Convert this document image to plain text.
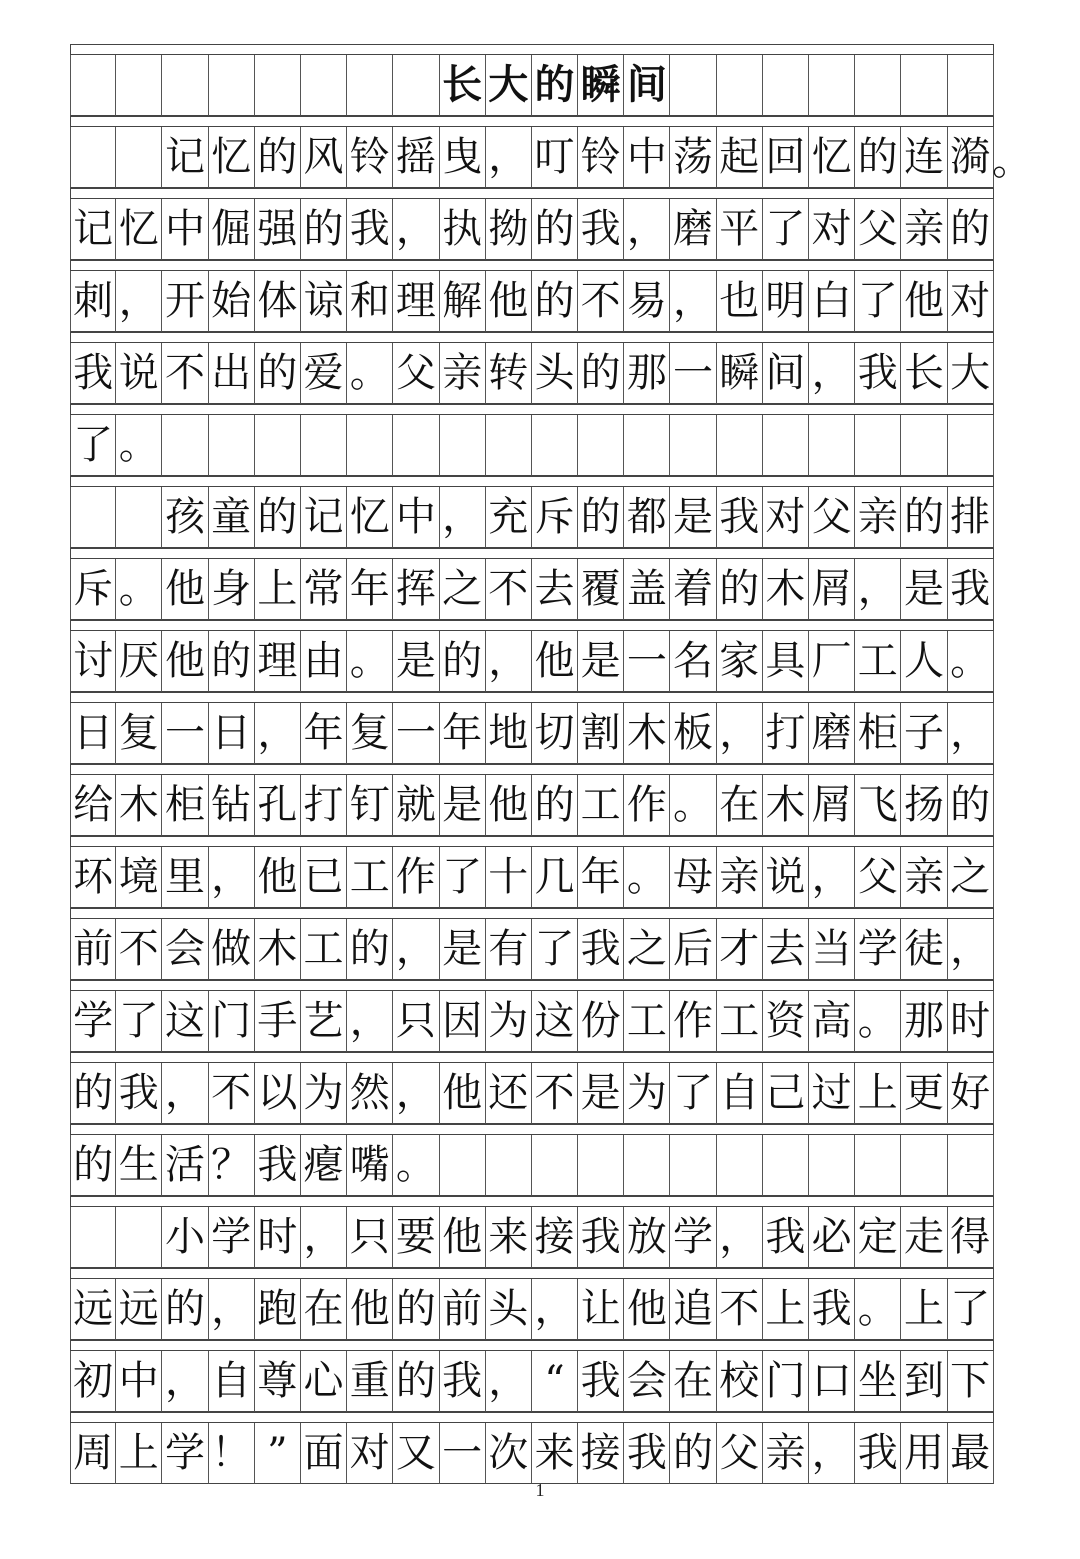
长 大 的 瞬 间
记 忆 的 风 铃 摇 曳 ， 叮 铃 中 荡 起 回 忆 的 连 漪 。
记 忆 中 倔 强 的 我 ， 执 拗 的 我 ， 磨 平 了 对 父 亲 的
刺 ， 开 始 体 谅 和 理 解 他 的 不 易 ， 也 明 白 了 他 对
我 说 不 出 的 爱 。 父 亲 转 头 的 那 一 瞬 间 ， 我 长 大
了 。
孩 童 的 记 忆 中 ， 充 斥 的 都 是 我 对 父 亲 的 排
斥 。 他 身 上 常 年 挥 之 不 去 覆 盖 着 的 木 屑 ， 是 我
讨 厌 他 的 理 由 。 是 的 ， 他 是 一 名 家 具 厂 工 人 。
日 复 一 日 ， 年 复 一 年 地 切 割 木 板 ， 打 磨 柜 子 ，
给 木 柜 钻 孔 打 钉 就 是 他 的 工 作 。 在 木 屑 飞 扬 的
环 境 里 ， 他 已 工 作 了 十 几 年 。 母 亲 说 ， 父 亲 之
前 不 会 做 木 工 的 ， 是 有 了 我 之 后 才 去 当 学 徒 ，
学 了 这 门 手 艺 ， 只 因 为 这 份 工 作 工 资 高 。 那 时
的 我 ， 不 以 为 然 ， 他 还 不 是 为 了 自 己 过 上 更 好
的 生 活 ？ 我 瘪 嘴 。
小 学 时 ， 只 要 他 来 接 我 放 学 ， 我 必 定 走 得
远 远 的 ， 跑 在 他 的 前 头 ， 让 他 追 不 上 我 。 上 了
初 中 ， 自 尊 心 重 的 我 ， “ 我 会 在 校 门 口 坐 到 下
周 上 学 ！ ” 面 对 又 一 次 来 接 我 的 父 亲 ， 我 用 最
1
